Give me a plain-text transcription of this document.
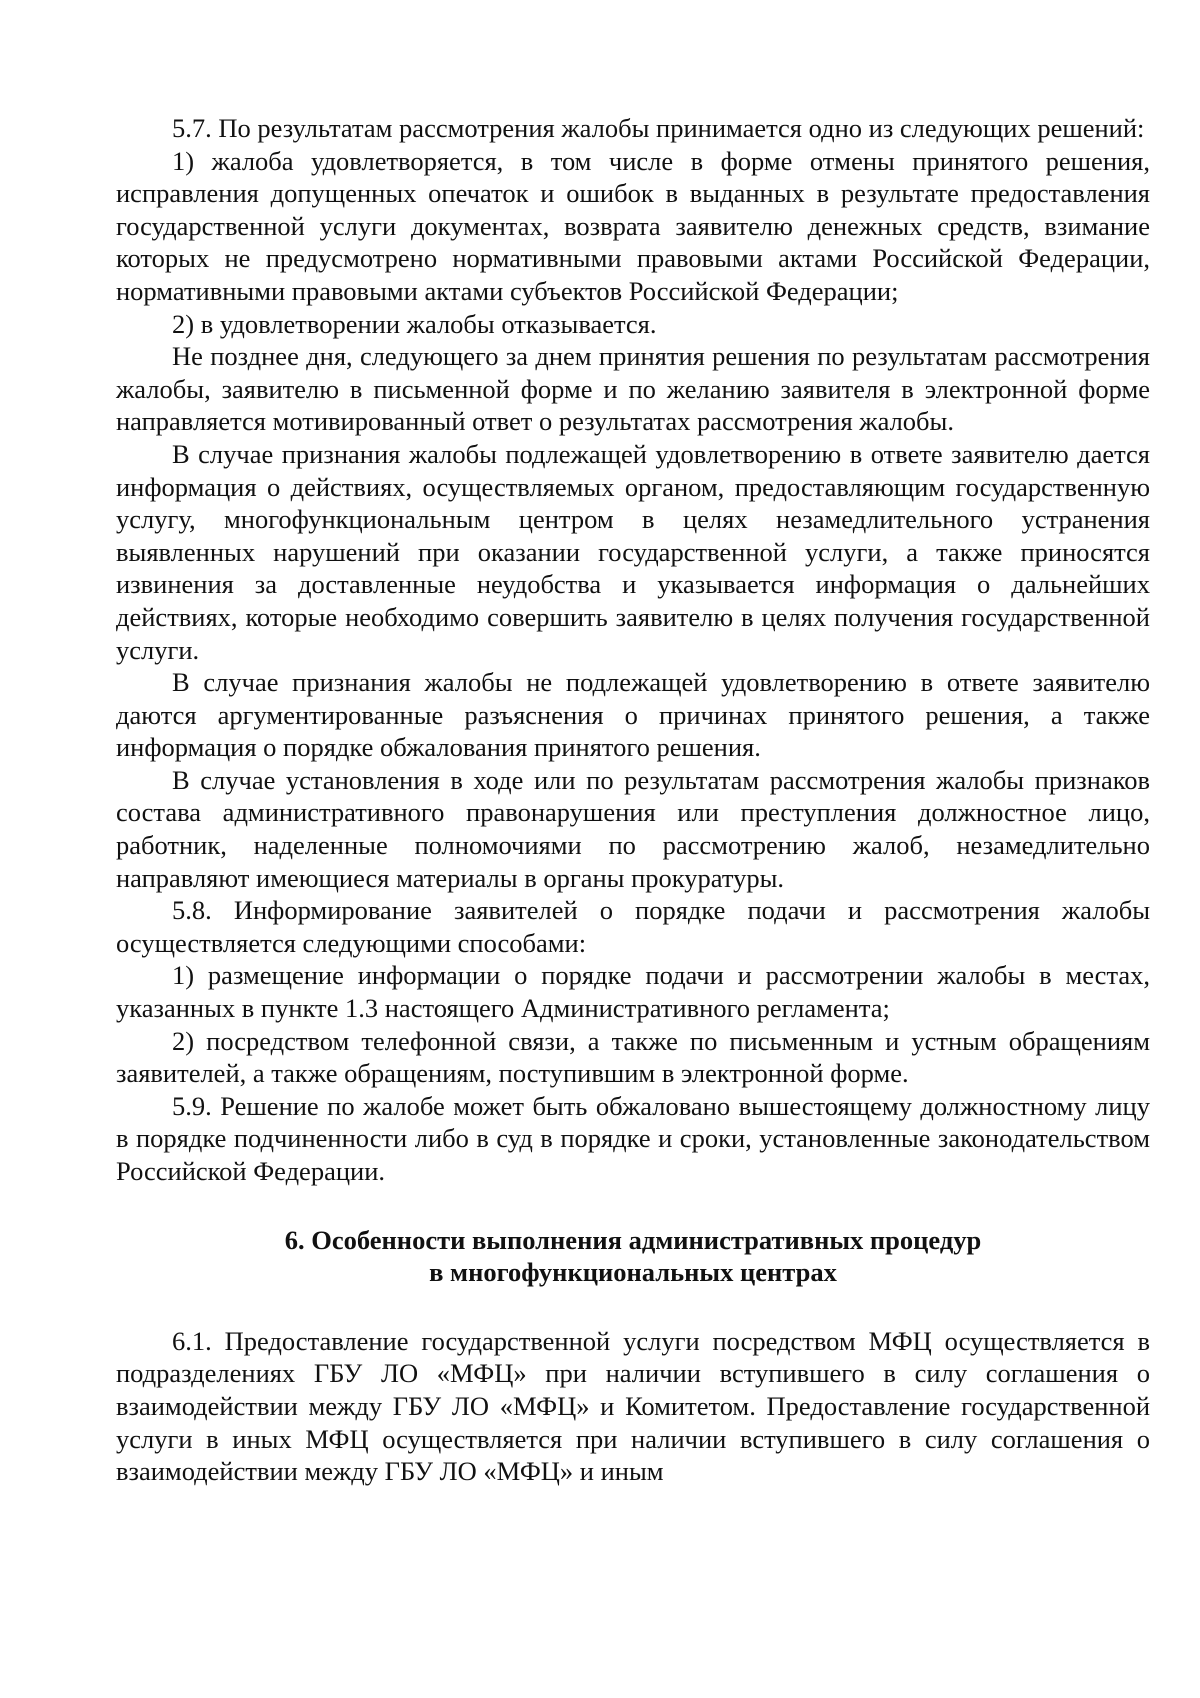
5.7. По результатам рассмотрения жалобы принимается одно из следующих решений:

1) жалоба удовлетворяется, в том числе в форме отмены принятого решения, исправления допущенных опечаток и ошибок в выданных в результате предоставления государственной услуги документах, возврата заявителю денежных средств, взимание которых не предусмотрено нормативными правовыми актами Российской Федерации, нормативными правовыми актами субъектов Российской Федерации;

2) в удовлетворении жалобы отказывается.

Не позднее дня, следующего за днем принятия решения по результатам рассмотрения жалобы, заявителю в письменной форме и по желанию заявителя в электронной форме направляется мотивированный ответ о результатах рассмотрения жалобы.

В случае признания жалобы подлежащей удовлетворению в ответе заявителю дается информация о действиях, осуществляемых органом, предоставляющим государственную услугу, многофункциональным центром в целях незамедлительного устранения выявленных нарушений при оказании государственной услуги, а также приносятся извинения за доставленные неудобства и указывается информация о дальнейших действиях, которые необходимо совершить заявителю в целях получения государственной услуги.

В случае признания жалобы не подлежащей удовлетворению в ответе заявителю даются аргументированные разъяснения о причинах принятого решения, а также информация о порядке обжалования принятого решения.

В случае установления в ходе или по результатам рассмотрения жалобы признаков состава административного правонарушения или преступления должностное лицо, работник, наделенные полномочиями по рассмотрению жалоб, незамедлительно направляют имеющиеся материалы в органы прокуратуры.

5.8. Информирование заявителей о порядке подачи и рассмотрения жалобы осуществляется следующими способами:

1) размещение информации о порядке подачи и рассмотрении жалобы в местах, указанных в пункте 1.3 настоящего Административного регламента;

2) посредством телефонной связи, а также по письменным и устным обращениям заявителей, а также обращениям, поступившим в электронной форме.

5.9. Решение по жалобе может быть обжаловано вышестоящему должностному лицу в порядке подчиненности либо в суд в порядке и сроки, установленные законодательством Российской Федерации.

6. Особенности выполнения административных процедур
в многофункциональных центрах

6.1. Предоставление государственной услуги посредством МФЦ осуществляется в подразделениях ГБУ ЛО «МФЦ» при наличии вступившего в силу соглашения о взаимодействии между ГБУ ЛО «МФЦ» и Комитетом. Предоставление государственной услуги в иных МФЦ осуществляется при наличии вступившего в силу соглашения о взаимодействии между ГБУ ЛО «МФЦ» и иным
